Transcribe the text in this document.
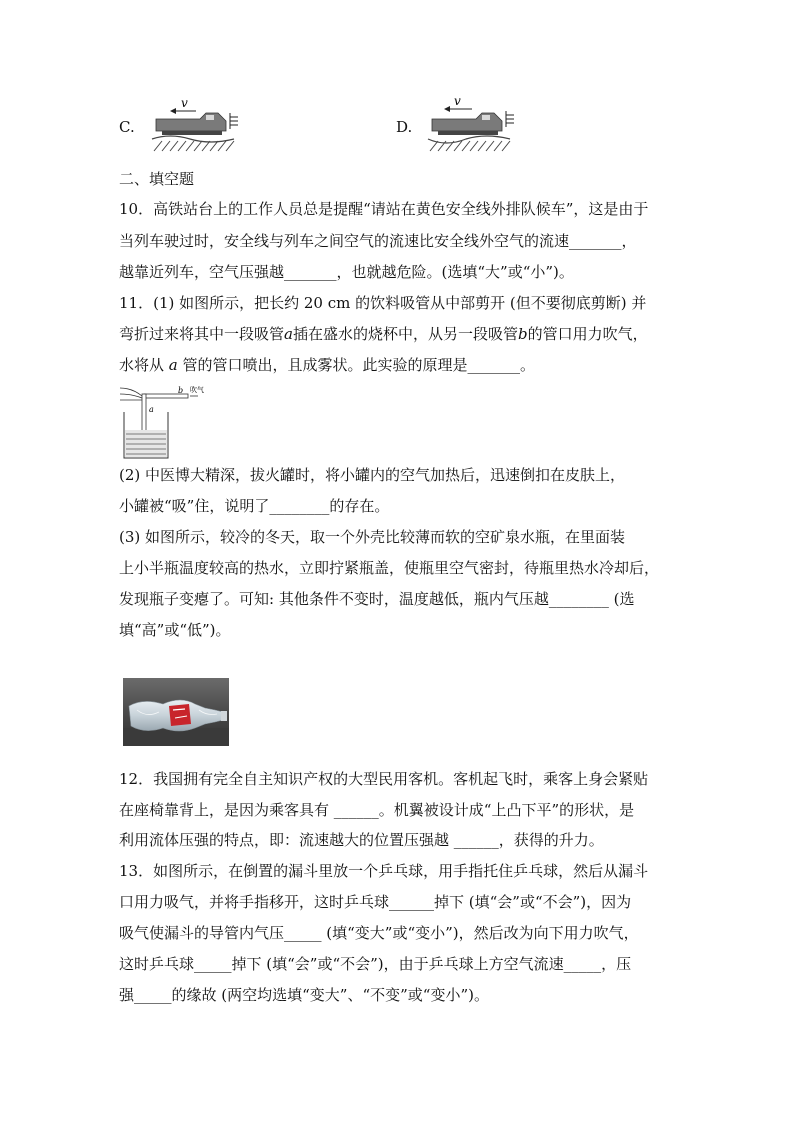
C.
v
D.
v
二、填空题
10．高铁站台上的工作人员总是提醒“请站在黄色安全线外排队候车”，这是由于
当列车驶过时，安全线与列车之间空气的流速比安全线外空气的流速_______，
越靠近列车，空气压强越_______，也就越危险。(选填“大”或“小”)。
11．(1) 如图所示，把长约 20 cm 的饮料吸管从中部剪开 (但不要彻底剪断) 并
弯折过来将其中一段吸管a插在盛水的烧杯中，从另一段吸管b的管口用力吹气，
水将从 a 管的管口喷出，且成雾状。此实验的原理是_______。
b
a
吹气
(2) 中医博大精深，拔火罐时，将小罐内的空气加热后，迅速倒扣在皮肤上，
小罐被“吸”住，说明了________的存在。
(3) 如图所示，较冷的冬天，取一个外壳比较薄而软的空矿泉水瓶，在里面装
上小半瓶温度较高的热水，立即拧紧瓶盖，使瓶里空气密封，待瓶里热水冷却后，
发现瓶子变瘪了。可知: 其他条件不变时，温度越低，瓶内气压越________ (选
填“高”或“低”)。
12．我国拥有完全自主知识产权的大型民用客机。客机起飞时，乘客上身会紧贴
在座椅靠背上，是因为乘客具有 ______。机翼被设计成“上凸下平”的形状，是
利用流体压强的特点，即：流速越大的位置压强越 ______，获得的升力。
13．如图所示，在倒置的漏斗里放一个乒乓球，用手指托住乒乓球，然后从漏斗
口用力吸气，并将手指移开，这时乒乓球______掉下 (填“会”或“不会”)，因为
吸气使漏斗的导管内气压_____ (填“变大”或“变小”)，然后改为向下用力吹气，
这时乒乓球_____掉下 (填“会”或“不会”)，由于乒乓球上方空气流速_____，压
强_____的缘故 (两空均选填“变大”、“不变”或“变小”)。
